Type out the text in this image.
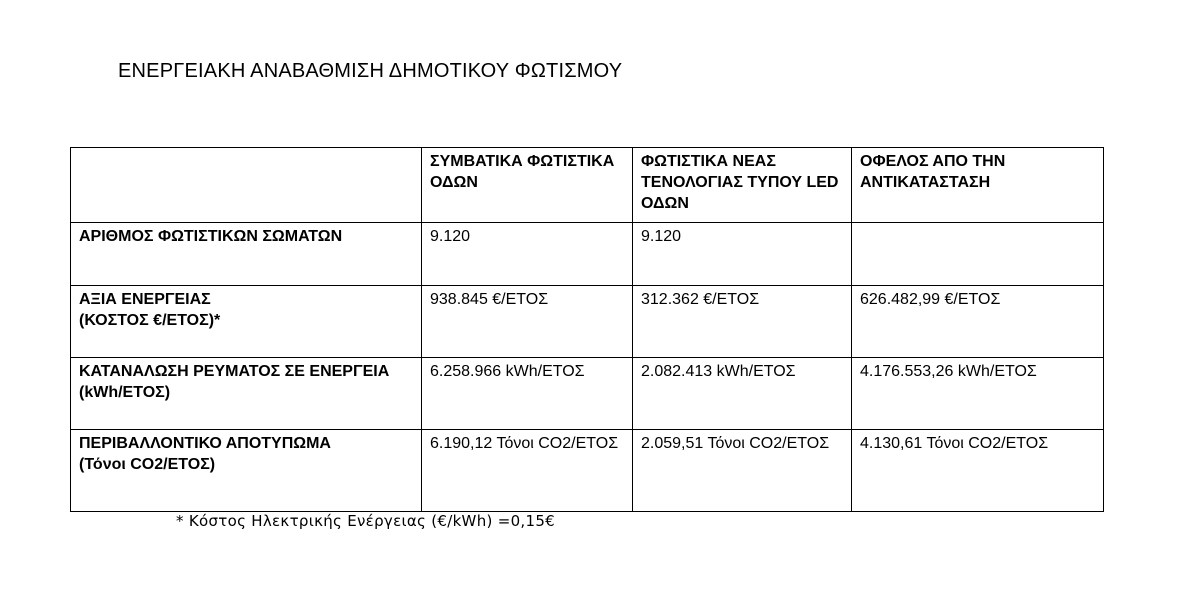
ΕΝΕΡΓΕΙΑΚΗ ΑΝΑΒΑΘΜΙΣΗ ΔΗΜΟΤΙΚΟΥ ΦΩΤΙΣΜΟΥ

	ΣΥΜΒΑΤΙΚΑ ΦΩΤΙΣΤΙΚΑ ΟΔΩΝ	ΦΩΤΙΣΤΙΚΑ ΝΕΑΣ ΤΕΝΟΛΟΓΙΑΣ ΤΥΠΟΥ LED ΟΔΩΝ	ΟΦΕΛΟΣ ΑΠΟ ΤΗΝ ΑΝΤΙΚΑΤΑΣΤΑΣΗ

ΑΡΙΘΜΟΣ ΦΩΤΙΣΤΙΚΩΝ ΣΩΜΑΤΩΝ	9.120	9.120	

ΑΞΙΑ ΕΝΕΡΓΕΙΑΣ
(ΚΟΣΤΟΣ €/ΕΤΟΣ)*	938.845 €/ΕΤΟΣ	312.362 €/ΕΤΟΣ	626.482,99 €/ΕΤΟΣ

ΚΑΤΑΝΑΛΩΣΗ ΡΕΥΜΑΤΟΣ ΣΕ ΕΝΕΡΓΕΙΑ (kWh/ΕΤΟΣ)	6.258.966 kWh/ΕΤΟΣ	2.082.413 kWh/ΕΤΟΣ	4.176.553,26 kWh/ΕΤΟΣ

ΠΕΡΙΒΑΛΛΟΝΤΙΚΟ ΑΠΟΤΥΠΩΜΑ
(Τόνοι CO2/ΕΤΟΣ)	6.190,12 Τόνοι CO2/ΕΤΟΣ	2.059,51 Τόνοι CO2/ΕΤΟΣ	4.130,61 Τόνοι CO2/ΕΤΟΣ
* Κόστος Ηλεκτρικής Ενέργειας (€/kWh) =0,15€
